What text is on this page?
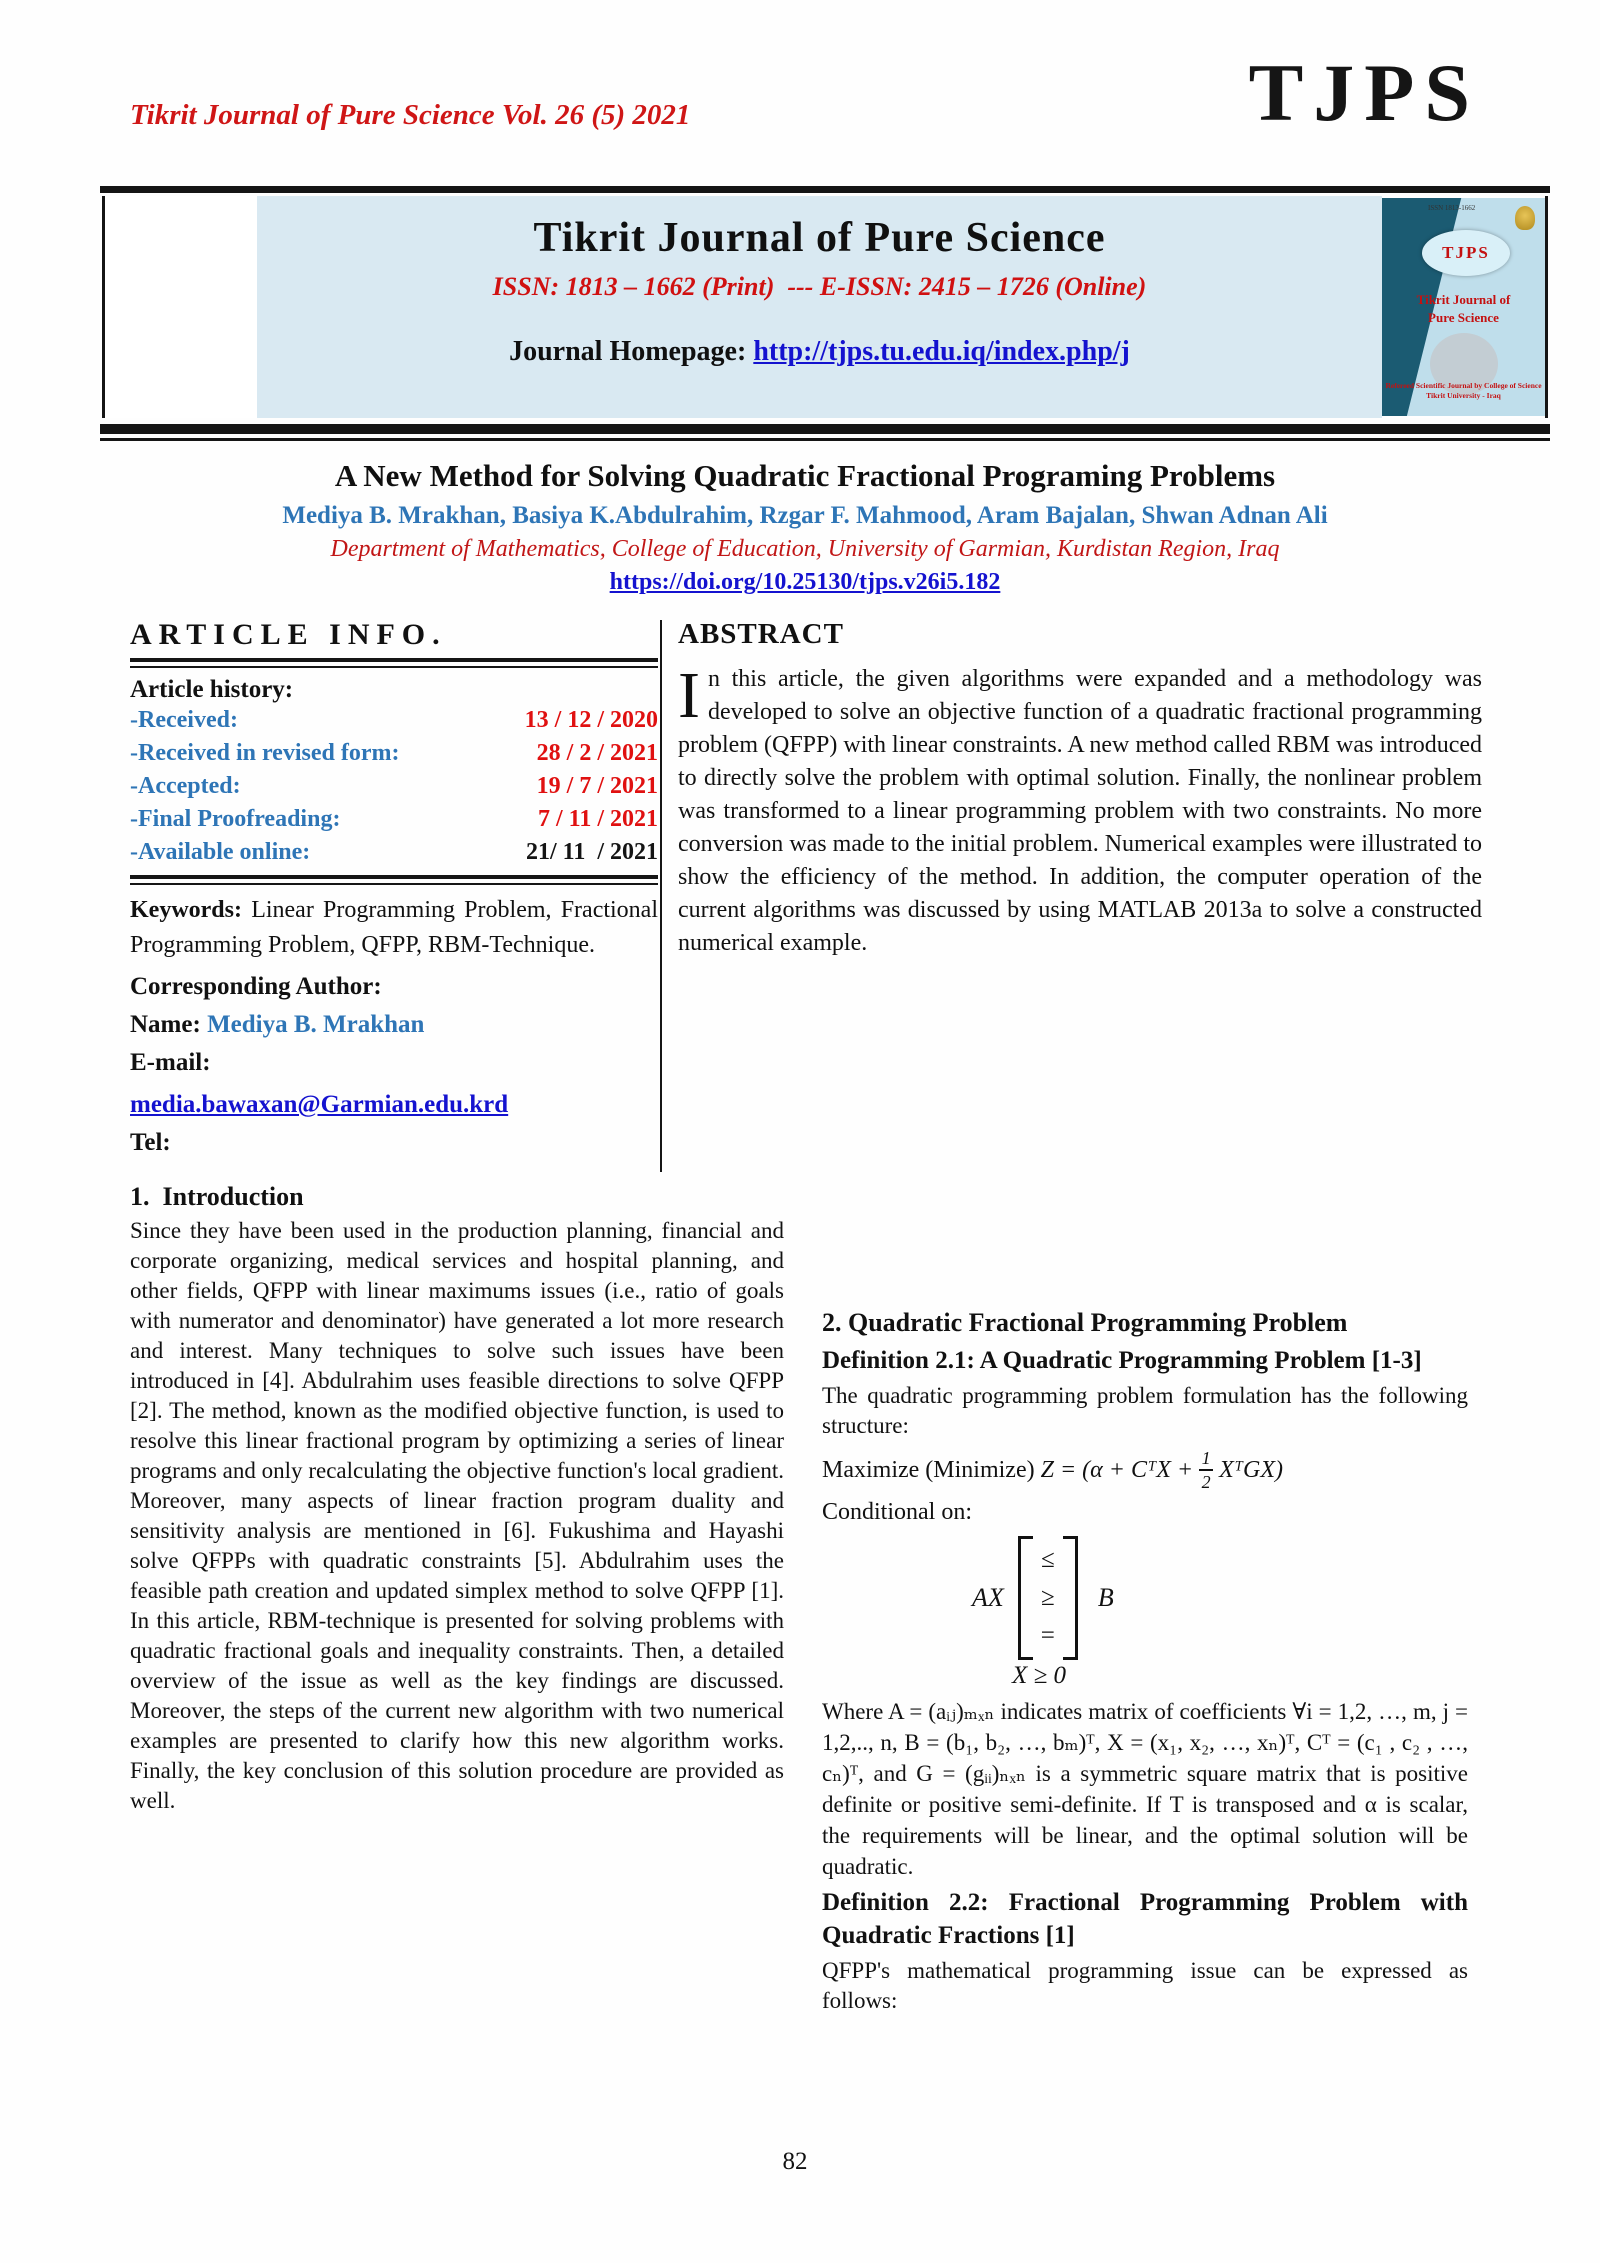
Tikrit Journal of Pure Science Vol. 26 (5) 2021	TJPS
Tikrit Journal of Pure Science
ISSN: 1813 – 1662 (Print)  --- E-ISSN: 2415 – 1726 (Online)
Journal Homepage: http://tjps.tu.edu.iq/index.php/j
ISSN 1813-1662
TJPS
Tikrit Journal of
Pure Science
Refereed Scientific Journal by College of Science
Tikrit University - Iraq
A New Method for Solving Quadratic Fractional Programing Problems
Mediya B. Mrakhan, Basiya K.Abdulrahim, Rzgar F. Mahmood, Aram Bajalan, Shwan Adnan Ali
Department of Mathematics, College of Education, University of Garmian, Kurdistan Region, Iraq
https://doi.org/10.25130/tjps.v26i5.182
ARTICLE INFO.
Article history:
-Received:	13 / 12 / 2020
-Received in revised form:	28 / 2 / 2021
-Accepted:	19 / 7 / 2021
-Final Proofreading:	7 / 11 / 2021
-Available online:	21/ 11  / 2021
Keywords: Linear Programming Problem, Fractional Programming Problem, QFPP, RBM-Technique.
Corresponding Author:
Name: Mediya B. Mrakhan
E-mail:
media.bawaxan@Garmian.edu.krd
Tel:
ABSTRACT
In this article, the given algorithms were expanded and a methodology was developed to solve an objective function of a quadratic fractional programming problem (QFPP) with linear constraints. A new method called RBM was introduced to directly solve the problem with optimal solution. Finally, the nonlinear problem was transformed to a linear programming problem with two constraints. No more conversion was made to the initial problem. Numerical examples were illustrated to show the efficiency of the method. In addition, the computer operation of the current algorithms was discussed by using MATLAB 2013a to solve a constructed numerical example.
1.  Introduction
Since they have been used in the production planning, financial and corporate organizing, medical services and hospital planning, and other fields, QFPP with linear maximums issues (i.e., ratio of goals with numerator and denominator) have generated a lot more research and interest. Many techniques to solve such issues have been introduced in [4]. Abdulrahim uses feasible directions to solve QFPP [2]. The method, known as the modified objective function, is used to resolve this linear fractional program by optimizing a series of linear programs and only recalculating the objective function's local gradient. Moreover, many aspects of linear fraction program duality and sensitivity analysis are mentioned in [6]. Fukushima and Hayashi solve QFPPs with quadratic constraints [5]. Abdulrahim uses the feasible path creation and updated simplex method to solve QFPP [1]. In this article, RBM-technique is presented for solving problems with quadratic fractional goals and inequality constraints. Then, a detailed overview of the issue as well as the key findings are discussed. Moreover, the steps of the current new algorithm with two numerical examples are presented to clarify how this new algorithm works. Finally, the key conclusion of this solution procedure are provided as well.
2. Quadratic Fractional Programming Problem
Definition 2.1: A Quadratic Programming Problem [1-3]
The quadratic programming problem formulation has the following structure:
Maximize (Minimize) Z = (α + CᵀX + $\frac{1}{2}$ XᵀGX)
Conditional on:
AX
≤
≥
=
B
X ≥ 0
Where A = (aᵢⱼ)ₘₓₙ indicates matrix of coefficients ∀i = 1,2, …, m, j = 1,2,.., n, B = (b₁, b₂, …, bₘ)ᵀ, X = (x₁, x₂, …, xₙ)ᵀ, Cᵀ = (c₁ , c₂ , …, cₙ)ᵀ, and G = (gᵢᵢ)ₙₓₙ is a symmetric square matrix that is positive definite or positive semi-definite. If T is transposed and α is scalar, the requirements will be linear, and the optimal solution will be quadratic.
Definition 2.2: Fractional Programming Problem with Quadratic Fractions [1]
QFPP's mathematical programming issue can be expressed as follows:
82
